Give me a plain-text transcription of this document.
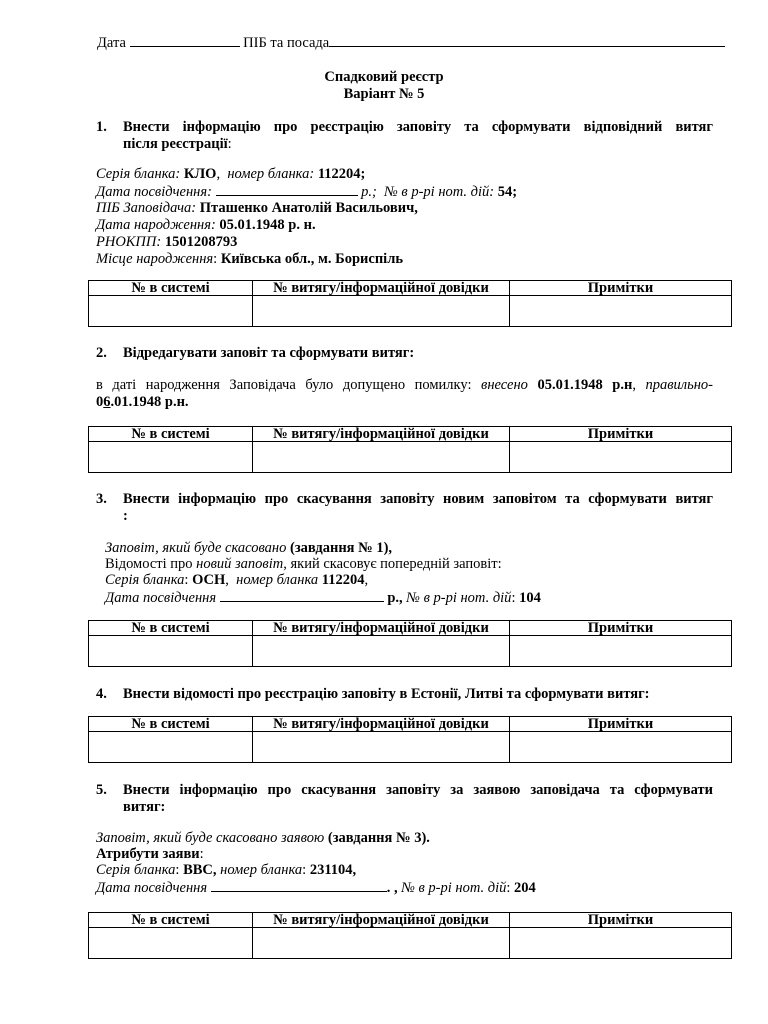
Дата	ПІБ та посада
Спадковий реєстр
Варіант № 5
1. Внести інформацію про реєстрацію заповіту та сформувати відповідний витяг
після реєстрації:
Серія бланка: КЛО,  номер бланка: 112204;
Дата посвідчення:	р.; № в р-рі нот. дій: 54;
ПІБ Заповідача: Пташенко Анатолій Васильович,
Дата народження: 05.01.1948 р. н.
РНОКПП: 1501208793
Місце народження: Київська обл., м. Бориспіль
№ в системі	№ витягу/інформаційної довідки	Примітки

2. Відредагувати заповіт та сформувати витяг:
в даті народження Заповідача було допущено помилку: внесено 05.01.1948 р.н, правильно-
06.01.1948 р.н.
№ в системі	№ витягу/інформаційної довідки	Примітки

3. Внести інформацію про скасування заповіту новим заповітом та сформувати витяг
:
Заповіт, який буде скасовано (завдання № 1),
Відомості про новий заповіт, який скасовує попередній заповіт:
Серія бланка: ОСН,  номер бланка 112204,
Дата посвідчення	р., № в р-рі нот. дій: 104
№ в системі	№ витягу/інформаційної довідки	Примітки

4. Внести відомості про реєстрацію заповіту в Естонії, Литві та сформувати витяг:
№ в системі	№ витягу/інформаційної довідки	Примітки

5. Внести інформацію про скасування заповіту за заявою заповідача та сформувати
витяг:
Заповіт, який буде скасовано заявою (завдання № 3).
Атрибути заяви:
Серія бланка: ВВС, номер бланка: 231104,
Дата посвідчення	. , № в р-рі нот. дій: 204
№ в системі	№ витягу/інформаційної довідки	Примітки
